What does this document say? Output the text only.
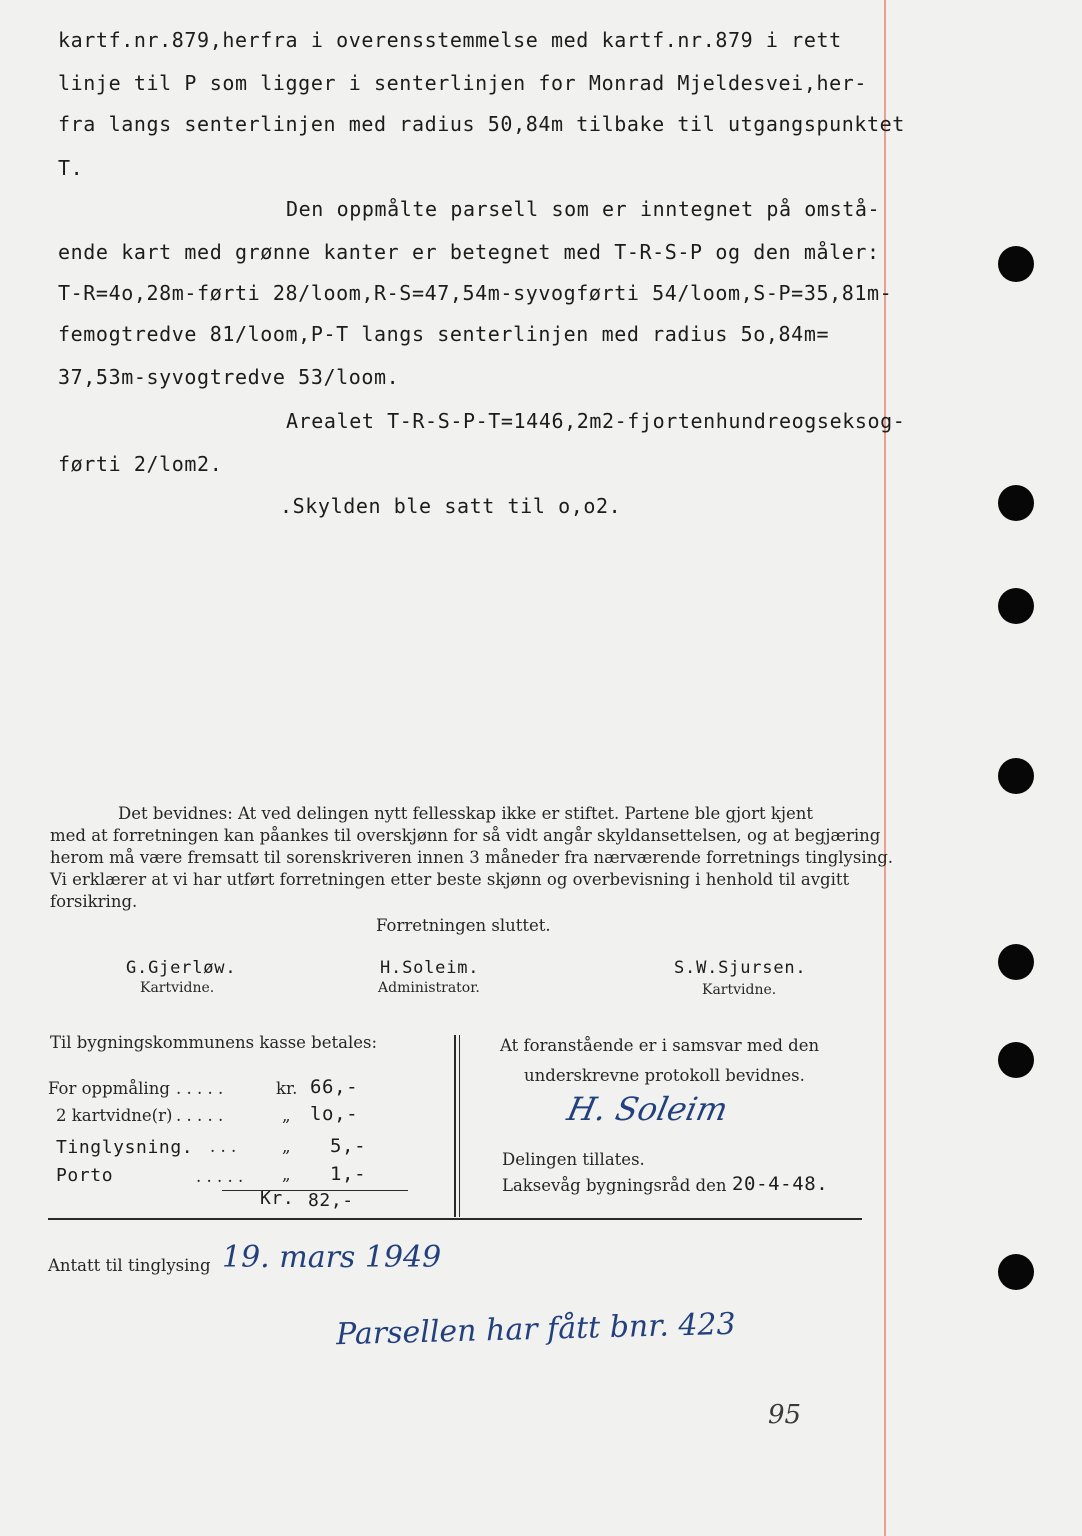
kartf.nr.879,herfra i overensstemmelse med kartf.nr.879 i rett
linje til P som ligger i senterlinjen for Monrad Mjeldesvei,her-
fra langs senterlinjen med radius 50,84m tilbake til utgangspunktet
T.
Den oppmålte parsell som er inntegnet på omstå-
ende kart med grønne kanter er betegnet med T-R-S-P og den måler:
T-R=4o,28m-førti 28/loom,R-S=47,54m-syvogførti 54/loom,S-P=35,81m-
femogtredve 81/loom,P-T langs senterlinjen med radius 5o,84m=
37,53m-syvogtredve 53/loom.
Arealet T-R-S-P-T=1446,2m2-fjortenhundreogseksog-
førti 2/lom2.
.Skylden ble satt til o,o2.
Det bevidnes: At ved delingen nytt fellesskap ikke er stiftet. Partene ble gjort kjent
med at forretningen kan påankes til overskjønn for så vidt angår skyldansettelsen, og at begjæring
herom må være fremsatt til sorenskriveren innen 3 måneder fra nærværende forretnings tinglysing.
Vi erklærer at vi har utført forretningen etter beste skjønn og overbevisning i henhold til avgitt
forsikring.
Forretningen sluttet.
G.Gjerløw.
Kartvidne.
H.Soleim.
Administrator.
S.W.Sjursen.
Kartvidne.
Til bygningskommunens kasse betales:
For oppmåling . . . . .	kr. 66,-
2 kartvidne(r) . . . . .	„ lo,-
Tinglysning. . . .	„ 5,-
Porto	. . . . . „ 1,-
Kr. 82,-
At foranstående er i samsvar med den
underskrevne protokoll bevidnes.
H. Soleim
Delingen tillates.
Laksevåg bygningsråd den 20-4-48.
Antatt til tinglysing 19. mars 1949
Parsellen har fått bnr. 423
95
